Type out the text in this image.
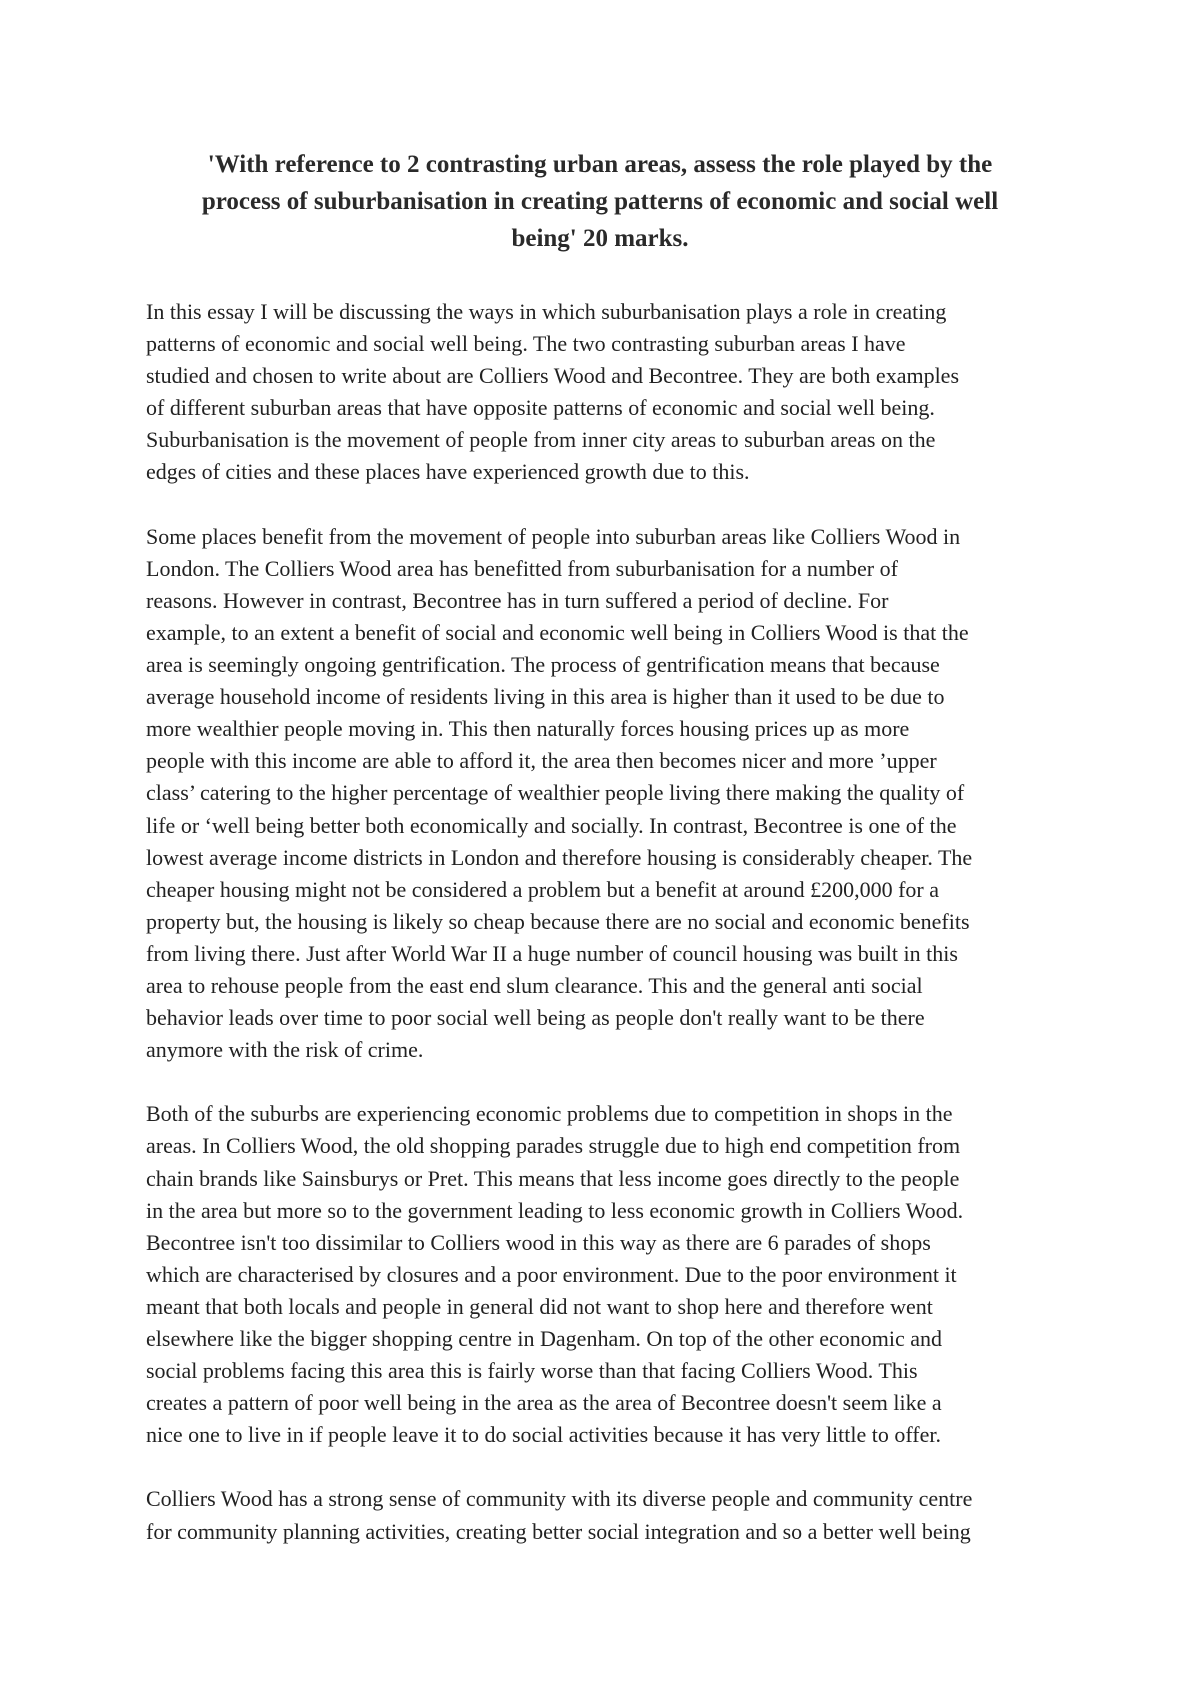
'With reference to 2 contrasting urban areas, assess the role played by the
process of suburbanisation in creating patterns of economic and social well
being' 20 marks.
In this essay I will be discussing the ways in which suburbanisation plays a role in creating
patterns of economic and social well being. The two contrasting suburban areas I have
studied and chosen to write about are Colliers Wood and Becontree. They are both examples
of different suburban areas that have opposite patterns of economic and social well being.
Suburbanisation is the movement of people from inner city areas to suburban areas on the
edges of cities and these places have experienced growth due to this.
Some places benefit from the movement of people into suburban areas like Colliers Wood in
London. The Colliers Wood area has benefitted from suburbanisation for a number of
reasons. However in contrast, Becontree has in turn suffered a period of decline. For
example, to an extent a benefit of social and economic well being in Colliers Wood is that the
area is seemingly ongoing gentrification. The process of gentrification means that because
average household income of residents living in this area is higher than it used to be due to
more wealthier people moving in. This then naturally forces housing prices up as more
people with this income are able to afford it, the area then becomes nicer and more ’upper
class’ catering to the higher percentage of wealthier people living there making the quality of
life or ‘well being better both economically and socially. In contrast, Becontree is one of the
lowest average income districts in London and therefore housing is considerably cheaper. The
cheaper housing might not be considered a problem but a benefit at around £200,000 for a
property but, the housing is likely so cheap because there are no social and economic benefits
from living there. Just after World War II a huge number of council housing was built in this
area to rehouse people from the east end slum clearance. This and the general anti social
behavior leads over time to poor social well being as people don't really want to be there
anymore with the risk of crime.
Both of the suburbs are experiencing economic problems due to competition in shops in the
areas. In Colliers Wood, the old shopping parades struggle due to high end competition from
chain brands like Sainsburys or Pret. This means that less income goes directly to the people
in the area but more so to the government leading to less economic growth in Colliers Wood.
Becontree isn't too dissimilar to Colliers wood in this way as there are 6 parades of shops
which are characterised by closures and a poor environment. Due to the poor environment it
meant that both locals and people in general did not want to shop here and therefore went
elsewhere like the bigger shopping centre in Dagenham. On top of the other economic and
social problems facing this area this is fairly worse than that facing Colliers Wood. This
creates a pattern of poor well being in the area as the area of Becontree doesn't seem like a
nice one to live in if people leave it to do social activities because it has very little to offer.
Colliers Wood has a strong sense of community with its diverse people and community centre
for community planning activities, creating better social integration and so a better well being
